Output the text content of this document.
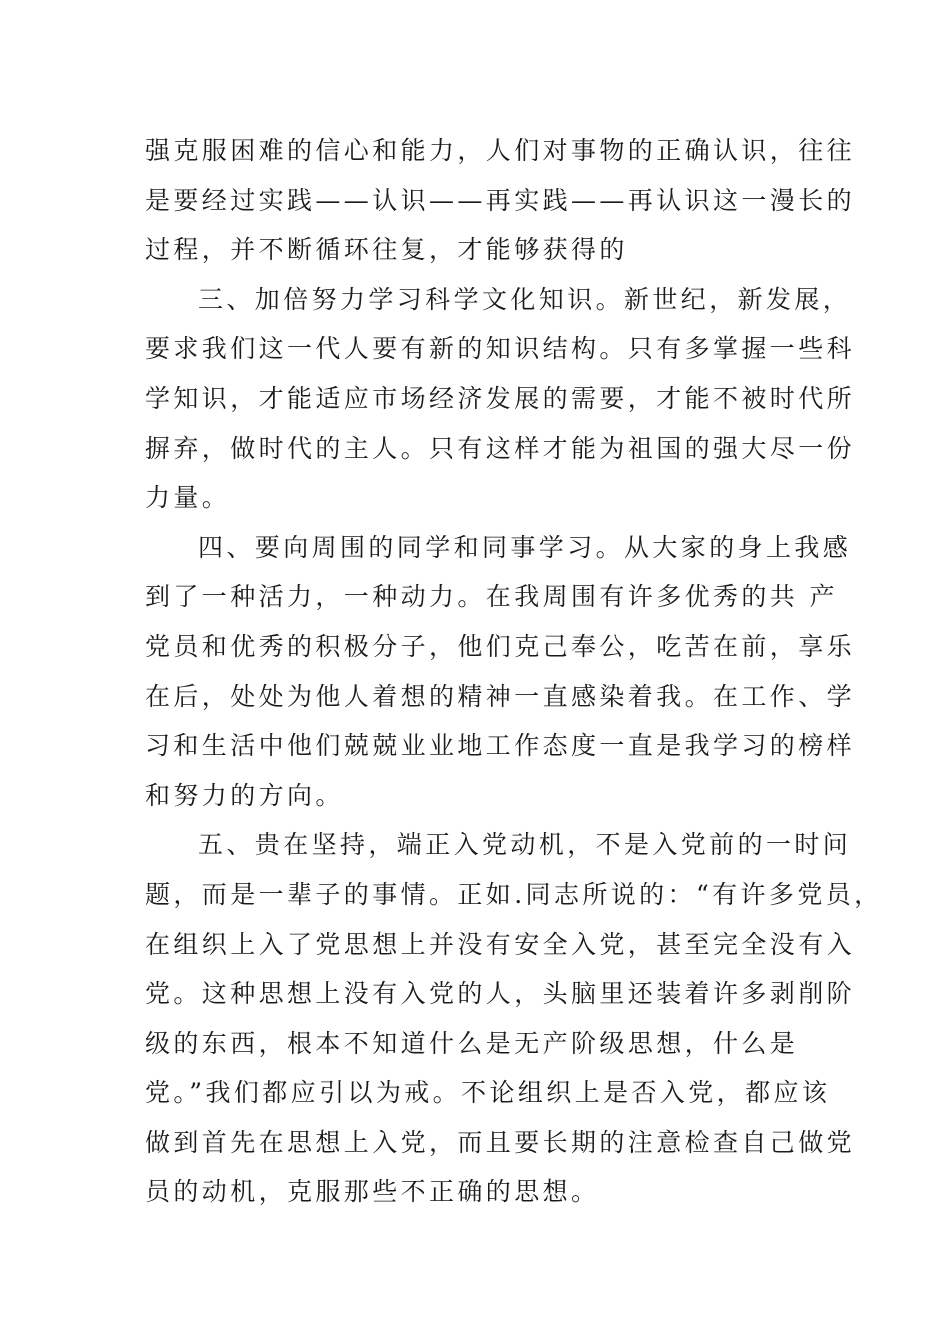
强克服困难的信心和能力，人们对事物的正确认识，往往
是要经过实践——认识——再实践——再认识这一漫长的
过程，并不断循环往复，才能够获得的
三、加倍努力学习科学文化知识。新世纪，新发展，
要求我们这一代人要有新的知识结构。只有多掌握一些科
学知识，才能适应市场经济发展的需要，才能不被时代所
摒弃，做时代的主人。只有这样才能为祖国的强大尽一份
力量。
四、要向周围的同学和同事学习。从大家的身上我感
到了一种活力，一种动力。在我周围有许多优秀的共 产
党员和优秀的积极分子，他们克己奉公，吃苦在前，享乐
在后，处处为他人着想的精神一直感染着我。在工作、学
习和生活中他们兢兢业业地工作态度一直是我学习的榜样
和努力的方向。
五、贵在坚持，端正入党动机，不是入党前的一时问
题，而是一辈子的事情。正如.同志所说的：“有许多党员，
在组织上入了党思想上并没有安全入党，甚至完全没有入
党。这种思想上没有入党的人，头脑里还装着许多剥削阶
级的东西，根本不知道什么是无产阶级思想，什么是
党。”我们都应引以为戒。不论组织上是否入党，都应该
做到首先在思想上入党，而且要长期的注意检查自己做党
员的动机，克服那些不正确的思想。
